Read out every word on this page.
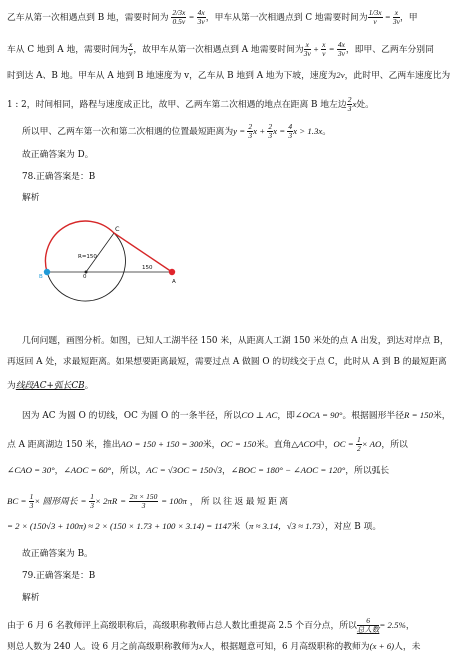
乙车从第一次相遇点到 B 地，需要时间为 $\frac{2/3x}{0.5v} = \frac{4x}{3v}$ ，甲车从第一次相遇点到 C 地需要时间为 $\frac{1/3x}{v} = \frac{x}{3v}$ ，甲
车从 C 地到 A 地，需要时间为 $\frac{x}{v}$ ，故甲车从第一次相遇点到 A 地需要时间为 $\frac{x}{3v} + \frac{x}{v} = \frac{4x}{3v}$ ，即甲、乙两车分别同
时到达 A、B 地。甲车从 A 地到 B 地速度为 v，乙车从 B 地到 A 地为下坡，速度为2v，此时甲、乙两车速度比为
1 : 2，时间相同，路程与速度成正比，故甲、乙两车第二次相遇的地点在距离 B 地左边 $\frac{2}{3}$ x处。
所以甲、乙两车第一次和第二次相遇的位置最短距离为$y = \frac{2}{3}$ $x + \frac{2}{3}$ $x = \frac{4}{3}$ x > 1.3x。
故正确答案为 D。
78.正确答案是：B
解析
C
R=150
0
B
150
A
几何问题，画图分析。如图，已知人工湖半径 150 米，从距离人工湖 150 米处的点 A 出发，到达对岸点 B，
再返回 A 处，求最短距离。如果想要距离最短，需要过点 A 做圆 O 的切线交于点 C，此时从 A 到 B 的最短距离
为线段AC+弧长CB。
因为 AC 为圆 O 的切线，OC 为圆 O 的一条半径，所以CO ⊥ AC，即∠OCA = 90°。根据圆形半径R = 150米，
点 A 距离湖边 150 米，推出AO = 150 + 150 = 300米，OC = 150米。直角△ACO中，OC = $\frac{1}{2}$ × AO，所以
∠CAO = 30°，∠AOC = 60°，所以，AC = √3OC = 150√3，∠BOC = 180° − ∠AOC = 120°，所以弧长
BC = $\frac{1}{3}$ × 圆形周长 = $\frac{1}{3} \times 2\pi R = \frac{2\pi \times 150}{3} = 100\pi$ ，所以往返最短距离
= 2 × (150√3 + 100π) ≈ 2 × (150 × 1.73 + 100 × 3.14) = 1147米（π ≈ 3.14，√3 ≈ 1.73），对应 B 项。
故正确答案为 B。
79.正确答案是：B
解析
由于 6 月 6 名教师评上高级职称后，高级职称教师占总人数比重提高 2.5 个百分点，所以
6
总人数 = 2.5%，
则总人数为 240 人。设 6 月之前高级职称教师为x人，根据题意可知，6 月高级职称的教师为(x + 6)人，未
